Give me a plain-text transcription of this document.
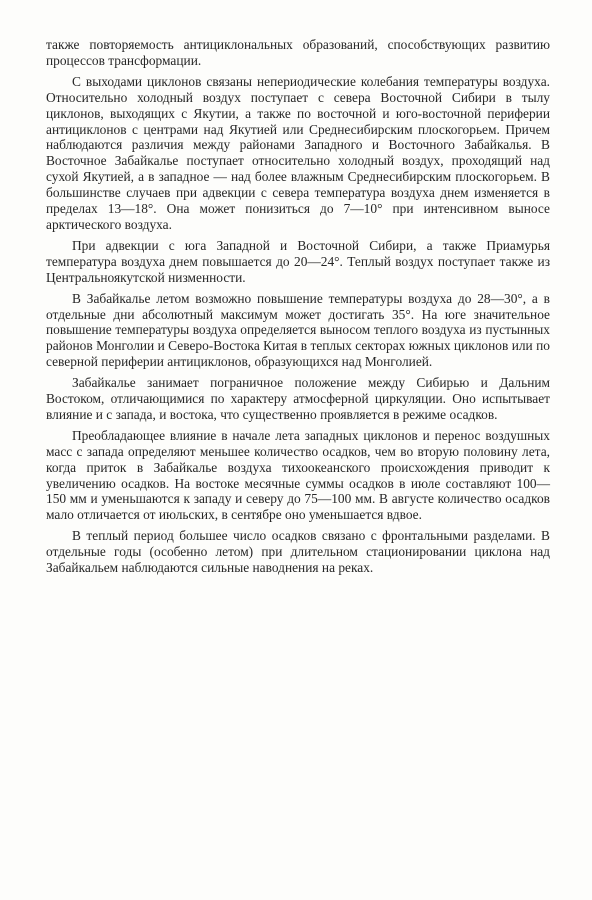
также повторяемость антициклональных образований, способствующих развитию процессов трансформации.

С выходами циклонов связаны непериодические колебания температуры воздуха. Относительно холодный воздух поступает с севера Восточной Сибири в тылу циклонов, выходящих с Якутии, а также по восточной и юго-восточной периферии антициклонов с центрами над Якутией или Среднесибирским плоскогорьем. Причем наблюдаются различия между районами Западного и Восточного Забайкалья. В Восточное Забайкалье поступает относительно холодный воздух, проходящий над сухой Якутией, а в западное — над более влажным Среднесибирским плоскогорьем. В большинстве случаев при адвекции с севера температура воздуха днем изменяется в пределах 13—18°. Она может понизиться до 7—10° при интенсивном выносе арктического воздуха.

При адвекции с юга Западной и Восточной Сибири, а также Приамурья температура воздуха днем повышается до 20—24°. Теплый воздух поступает также из Центральноякутской низменности.

В Забайкалье летом возможно повышение температуры воздуха до 28—30°, а в отдельные дни абсолютный максимум может достигать 35°. На юге значительное повышение температуры воздуха определяется выносом теплого воздуха из пустынных районов Монголии и Северо-Востока Китая в теплых секторах южных циклонов или по северной периферии антициклонов, образующихся над Монголией.

Забайкалье занимает пограничное положение между Сибирью и Дальним Востоком, отличающимися по характеру атмосферной циркуляции. Оно испытывает влияние и с запада, и востока, что существенно проявляется в режиме осадков.

Преобладающее влияние в начале лета западных циклонов и перенос воздушных масс с запада определяют меньшее количество осадков, чем во вторую половину лета, когда приток в Забайкалье воздуха тихоокеанского происхождения приводит к увеличению осадков. На востоке месячные суммы осадков в июле составляют 100—150 мм и уменьшаются к западу и северу до 75—100 мм. В августе количество осадков мало отличается от июльских, в сентябре оно уменьшается вдвое.

В теплый период большее число осадков связано с фронтальными разделами. В отдельные годы (особенно летом) при длительном стационировании циклона над Забайкальем наблюдаются сильные наводнения на реках.
